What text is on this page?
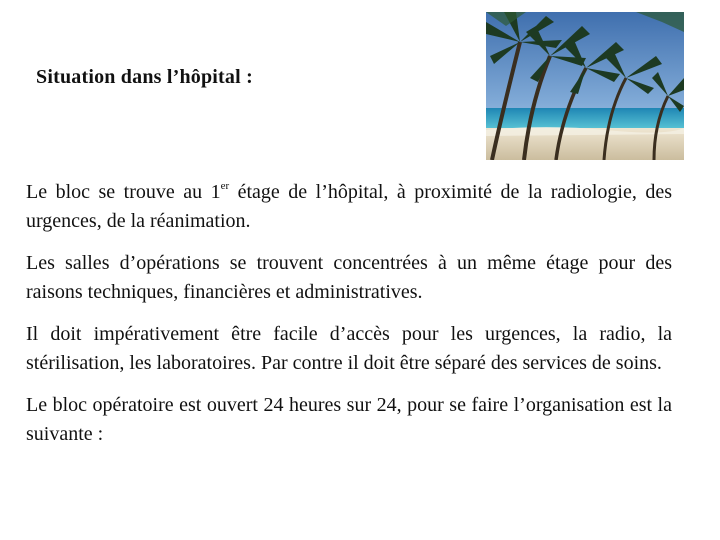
Situation dans l’hôpital :

Le bloc se trouve au 1er étage de l’hôpital, à proximité de la radiologie, des urgences, de la réanimation.

Les salles d’opérations se trouvent concentrées à un même étage pour des raisons techniques, financières et administratives.

Il doit impérativement être facile d’accès pour les urgences, la radio, la stérilisation, les laboratoires. Par contre il doit être séparé des services de soins.

Le bloc opératoire est ouvert 24 heures sur 24, pour se faire l’organisation est la suivante :
